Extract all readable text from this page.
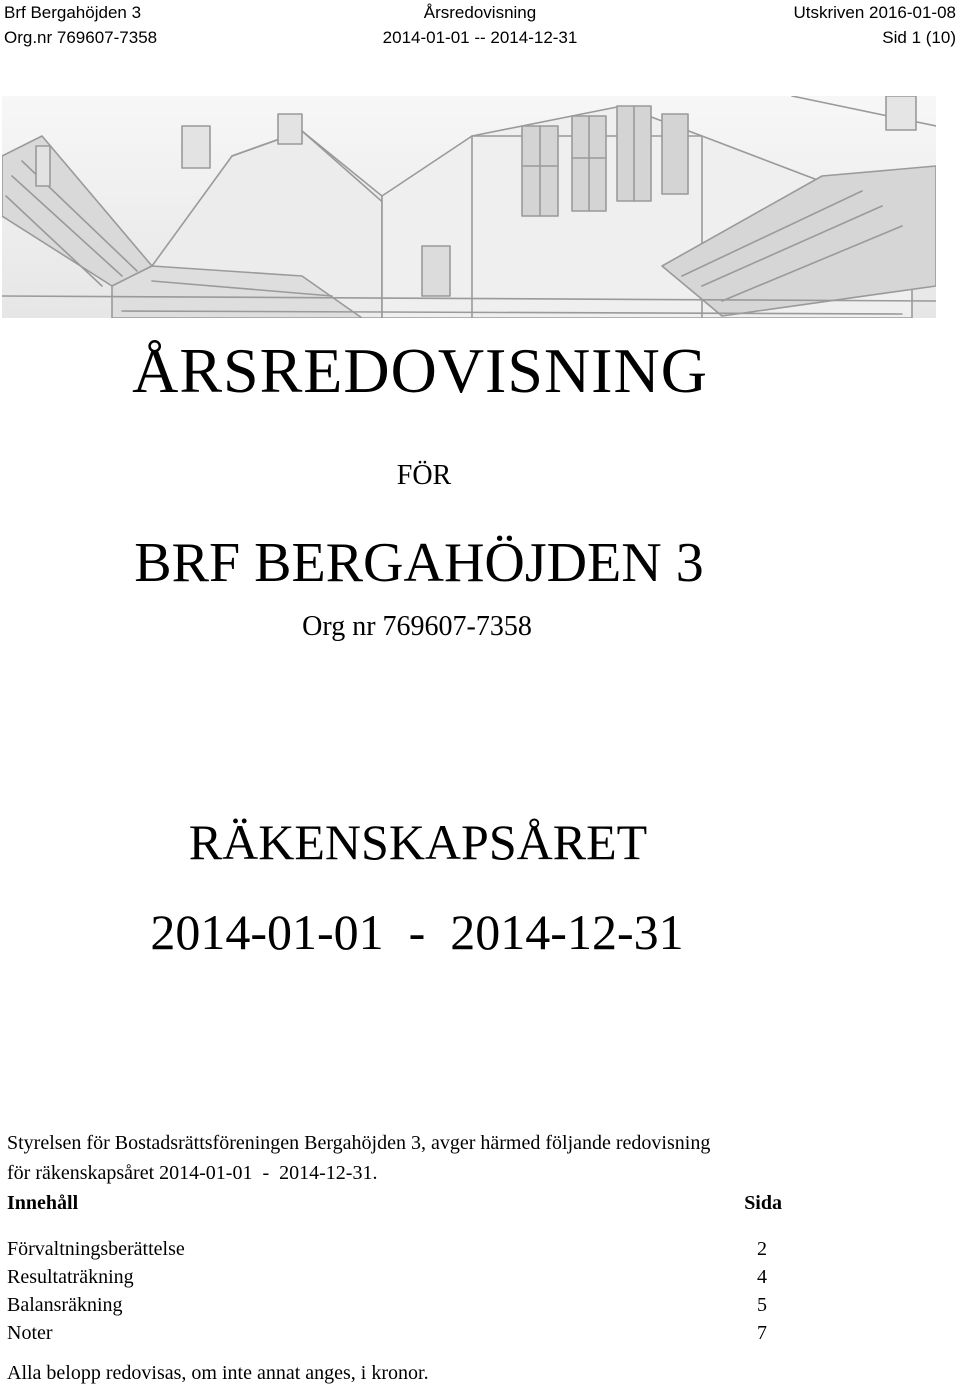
Brf Bergahöjden 3	Årsredovisning	Utskriven 2016-01-08
Org.nr 769607-7358	2014-01-01 -- 2014-12-31	Sid 1 (10)
ÅRSREDOVISNING
FÖR
BRF BERGAHÖJDEN 3
Org nr 769607-7358
RÄKENSKAPSÅRET
2014-01-01  -  2014-12-31
Styrelsen för Bostadsrättsföreningen Bergahöjden 3, avger härmed följande redovisning
för räkenskapsåret 2014-01-01  -  2014-12-31.
Innehåll	Sida
Förvaltningsberättelse	2
Resultaträkning	4
Balansräkning	5
Noter	7
Alla belopp redovisas, om inte annat anges, i kronor.
